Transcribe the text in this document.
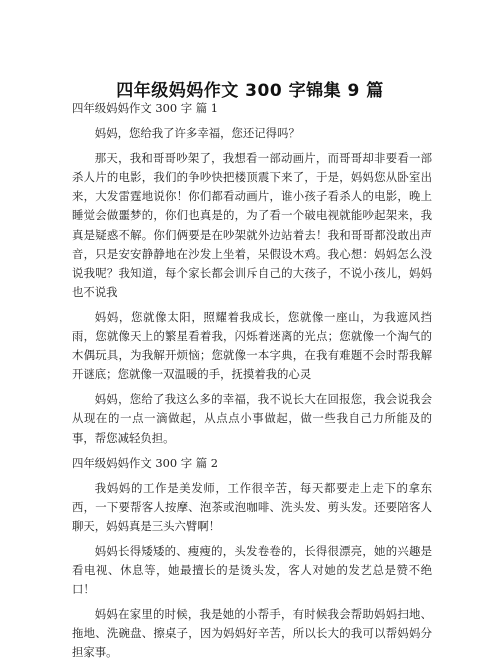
四年级妈妈作文 300 字锦集 9 篇

四年级妈妈作文 300 字 篇 1

妈妈，您给我了许多幸福，您还记得吗？

那天，我和哥哥吵架了，我想看一部动画片，而哥哥却非要看一部杀人片的电影，我们的争吵快把楼顶震下来了，于是，妈妈您从卧室出来，大发雷霆地说你！你们都看动画片，谁小孩子看杀人的电影，晚上睡觉会做噩梦的，你们也真是的，为了看一个破电视就能吵起架来，我真是疑惑不解。你们俩要是在吵架就外边站着去！我和哥哥都没敢出声音，只是安安静静地在沙发上坐着，呆假设木鸡。我心想：妈妈怎么没说我呢？我知道，每个家长都会训斥自己的大孩子，不说小孩儿，妈妈也不说我

妈妈，您就像太阳，照耀着我成长，您就像一座山，为我遮风挡雨，您就像天上的繁星看着我，闪烁着迷离的光点；您就像一个淘气的木偶玩具，为我解开烦恼；您就像一本字典，在我有难题不会时帮我解开谜底；您就像一双温暖的手，抚摸着我的心灵

妈妈，您给了我这么多的幸福，我不说长大在回报您，我会说我会从现在的一点一滴做起，从点点小事做起，做一些我自己力所能及的事，帮您减轻负担。

四年级妈妈作文 300 字 篇 2

我妈妈的工作是美发师，工作很辛苦，每天都要走上走下的拿东西，一下要帮客人按摩、泡茶或泡咖啡、洗头发、剪头发。还要陪客人聊天，妈妈真是三头六臂啊！

妈妈长得矮矮的、瘦瘦的，头发卷卷的，长得很漂亮，她的兴趣是看电视、休息等，她最擅长的是烫头发，客人对她的发艺总是赞不绝口！

妈妈在家里的时候，我是她的小帮手，有时候我会帮助妈妈扫地、拖地、洗碗盘、擦桌子，因为妈妈好辛苦，所以长大的我可以帮妈妈分担家事。
